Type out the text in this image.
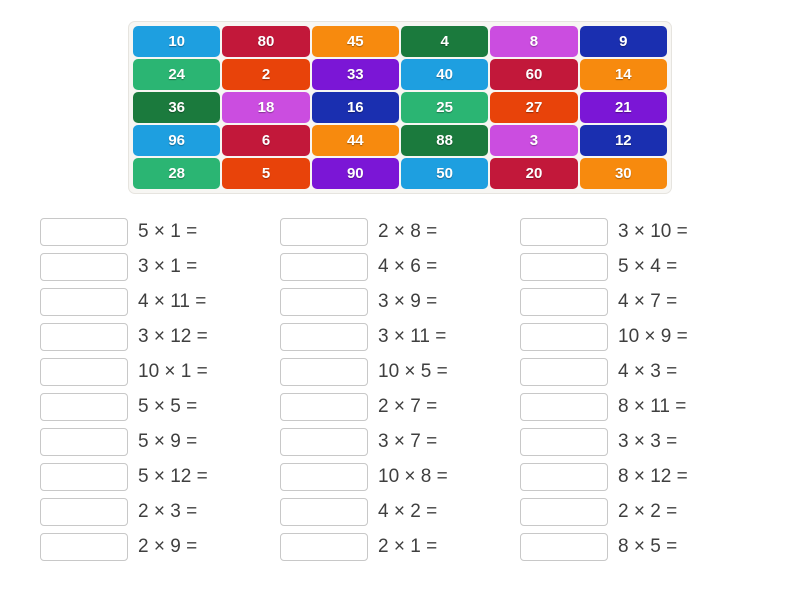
10	80	45	4	8	9
24	2	33	40	60	14
36	18	16	25	27	21
96	6	44	88	3	12
28	5	90	50	20	30
5 × 1 =
3 × 1 =
4 × 11 =
3 × 12 =
10 × 1 =
5 × 5 =
5 × 9 =
5 × 12 =
2 × 3 =
2 × 9 =
2 × 8 =
4 × 6 =
3 × 9 =
3 × 11 =
10 × 5 =
2 × 7 =
3 × 7 =
10 × 8 =
4 × 2 =
2 × 1 =
3 × 10 =
5 × 4 =
4 × 7 =
10 × 9 =
4 × 3 =
8 × 11 =
3 × 3 =
8 × 12 =
2 × 2 =
8 × 5 =
